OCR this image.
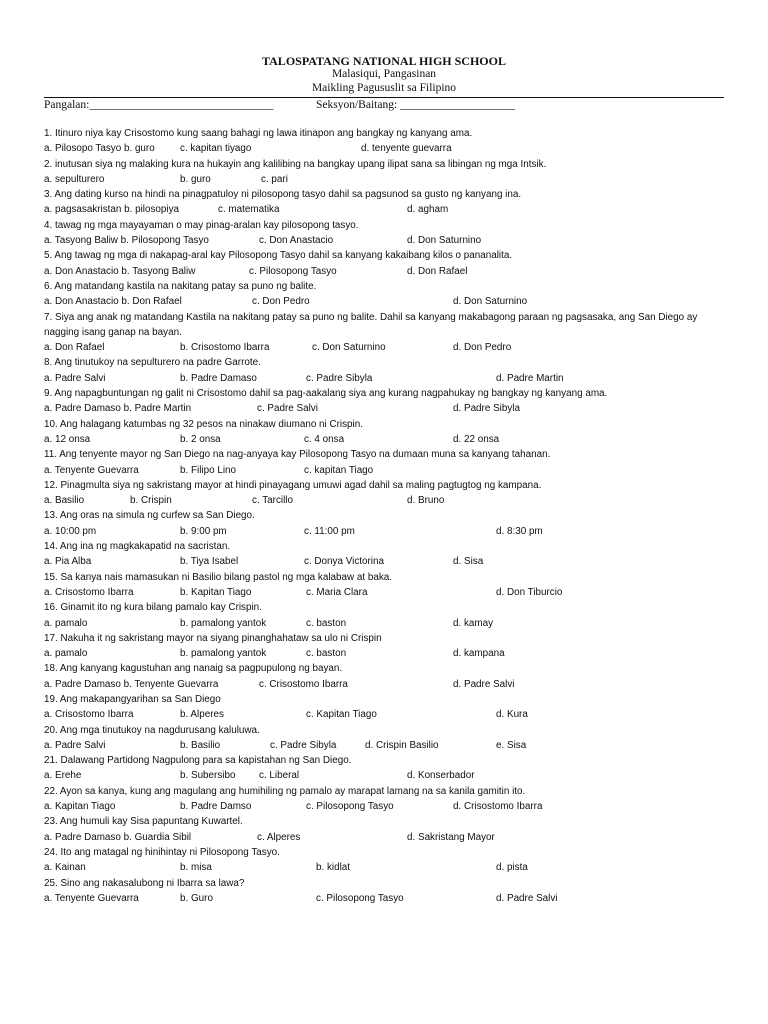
TALOSPATANG NATIONAL HIGH SCHOOL
Malasiqui, Pangasinan
Maikling Pagususlit sa Filipino
Pangalan:________________________________	Seksyon/Baitang: ____________________
1. Itinuro niya kay Crisostomo kung saang bahagi ng lawa itinapon ang bangkay ng kanyang ama.
a. Pilosopo Tasyo b. guro	c. kapitan tiyago	d. tenyente guevarra
2. inutusan siya ng malaking kura na hukayin ang kalilibing na bangkay upang ilipat sana sa libingan ng mga Intsik.
a. sepulturero	b. guro	c. pari
3. Ang dating kurso na hindi na pinagpatuloy ni pilosopong tasyo dahil sa pagsunod sa gusto ng kanyang ina.
a. pagsasakristan b. pilosopiya	c. matematika	d. agham
4. tawag ng mga mayayaman o may pinag-aralan kay pilosopong tasyo.
a. Tasyong Baliw b. Pilosopong Tasyo	c. Don Anastacio	d. Don Saturnino
5. Ang tawag ng mga di nakapag-aral kay Pilosopong Tasyo dahil sa kanyang kakaibang kilos o pananalita.
a. Don Anastacio b. Tasyong Baliw	c. Pilosopong Tasyo	d. Don Rafael
6. Ang matandang kastila na nakitang patay sa puno ng balite.
a. Don Anastacio b. Don Rafael	c. Don Pedro	d. Don Saturnino
7. Siya ang anak ng matandang Kastila na nakitang patay sa puno ng balite. Dahil sa kanyang makabagong paraan ng pagsasaka, ang San Diego ay nagging isang ganap na bayan.
a. Don Rafael	b. Crisostomo Ibarra	c. Don Saturnino	d. Don Pedro
8. Ang tinutukoy na sepulturero na padre Garrote.
a. Padre Salvi	b. Padre Damaso	c. Padre Sibyla	d. Padre Martin
9. Ang napagbuntungan ng galit ni Crisostomo dahil sa pag-aakalang siya ang kurang nagpahukay ng bangkay ng kanyang ama.
a. Padre Damaso b. Padre Martin	c. Padre Salvi	d. Padre Sibyla
10. Ang halagang katumbas ng 32 pesos na ninakaw diumano ni Crispin.
a. 12 onsa	b. 2 onsa	c. 4 onsa	d. 22 onsa
11. Ang tenyente mayor ng San Diego na nag-anyaya kay Pilosopong Tasyo na dumaan muna sa kanyang tahanan.
a. Tenyente Guevarra	b. Filipo Lino	c. kapitan Tiago
12. Pinagmulta siya ng sakristang mayor at hindi pinayagang umuwi agad dahil sa maling pagtugtog ng kampana.
a. Basilio	b. Crispin	c. Tarcillo	d. Bruno
13. Ang oras na simula ng curfew sa San Diego.
a. 10:00 pm	b. 9:00 pm	c. 11:00 pm	d. 8:30 pm
14. Ang ina ng magkakapatid na sacristan.
a. Pia Alba	b. Tiya Isabel	c. Donya Victorina	d. Sisa
15. Sa kanya nais mamasukan ni Basilio bilang pastol ng mga kalabaw at baka.
a. Crisostomo Ibarra	b. Kapitan Tiago	c. Maria Clara	d. Don Tiburcio
16. Ginamit ito ng kura bilang pamalo kay Crispin.
a. pamalo	b. pamalong yantok	c. baston	d. kamay
17. Nakuha it ng sakristang mayor na siyang pinanghahataw sa ulo ni Crispin
a. pamalo	b. pamalong yantok	c. baston	d. kampana
18. Ang kanyang kagustuhan ang nanaig sa pagpupulong ng bayan.
a. Padre Damaso b. Tenyente Guevarra	c. Crisostomo Ibarra	d. Padre Salvi
19. Ang makapangyarihan sa San Diego
a. Crisostomo Ibarra	b. Alperes	c. Kapitan Tiago	d. Kura
20. Ang mga tinutukoy na nagdurusang kaluluwa.
a. Padre Salvi	b. Basilio	c. Padre Sibyla	d. Crispin Basilio	e. Sisa
21. Dalawang Partidong Nagpulong para sa kapistahan ng San Diego.
a. Erehe	b. Subersibo c. Liberal	d. Konserbador
22. Ayon sa kanya, kung ang magulang ang humihiling ng pamalo ay marapat lamang na sa kanila gamitin ito.
a. Kapitan Tiago	b. Padre Damso	c. Pilosopong Tasyo	d. Crisostomo Ibarra
23. Ang humuli kay Sisa papuntang Kuwartel.
a. Padre Damaso b. Guardia Sibil	c. Alperes	d. Sakristang Mayor
24. Ito ang matagal ng hinihintay ni Pilosopong Tasyo.
a. Kainan	b. misa	b. kidlat	d. pista
25. Sino ang nakasalubong ni Ibarra sa lawa?
a. Tenyente Guevarra	b. Guro	c. Pilosopong Tasyo	d. Padre Salvi
